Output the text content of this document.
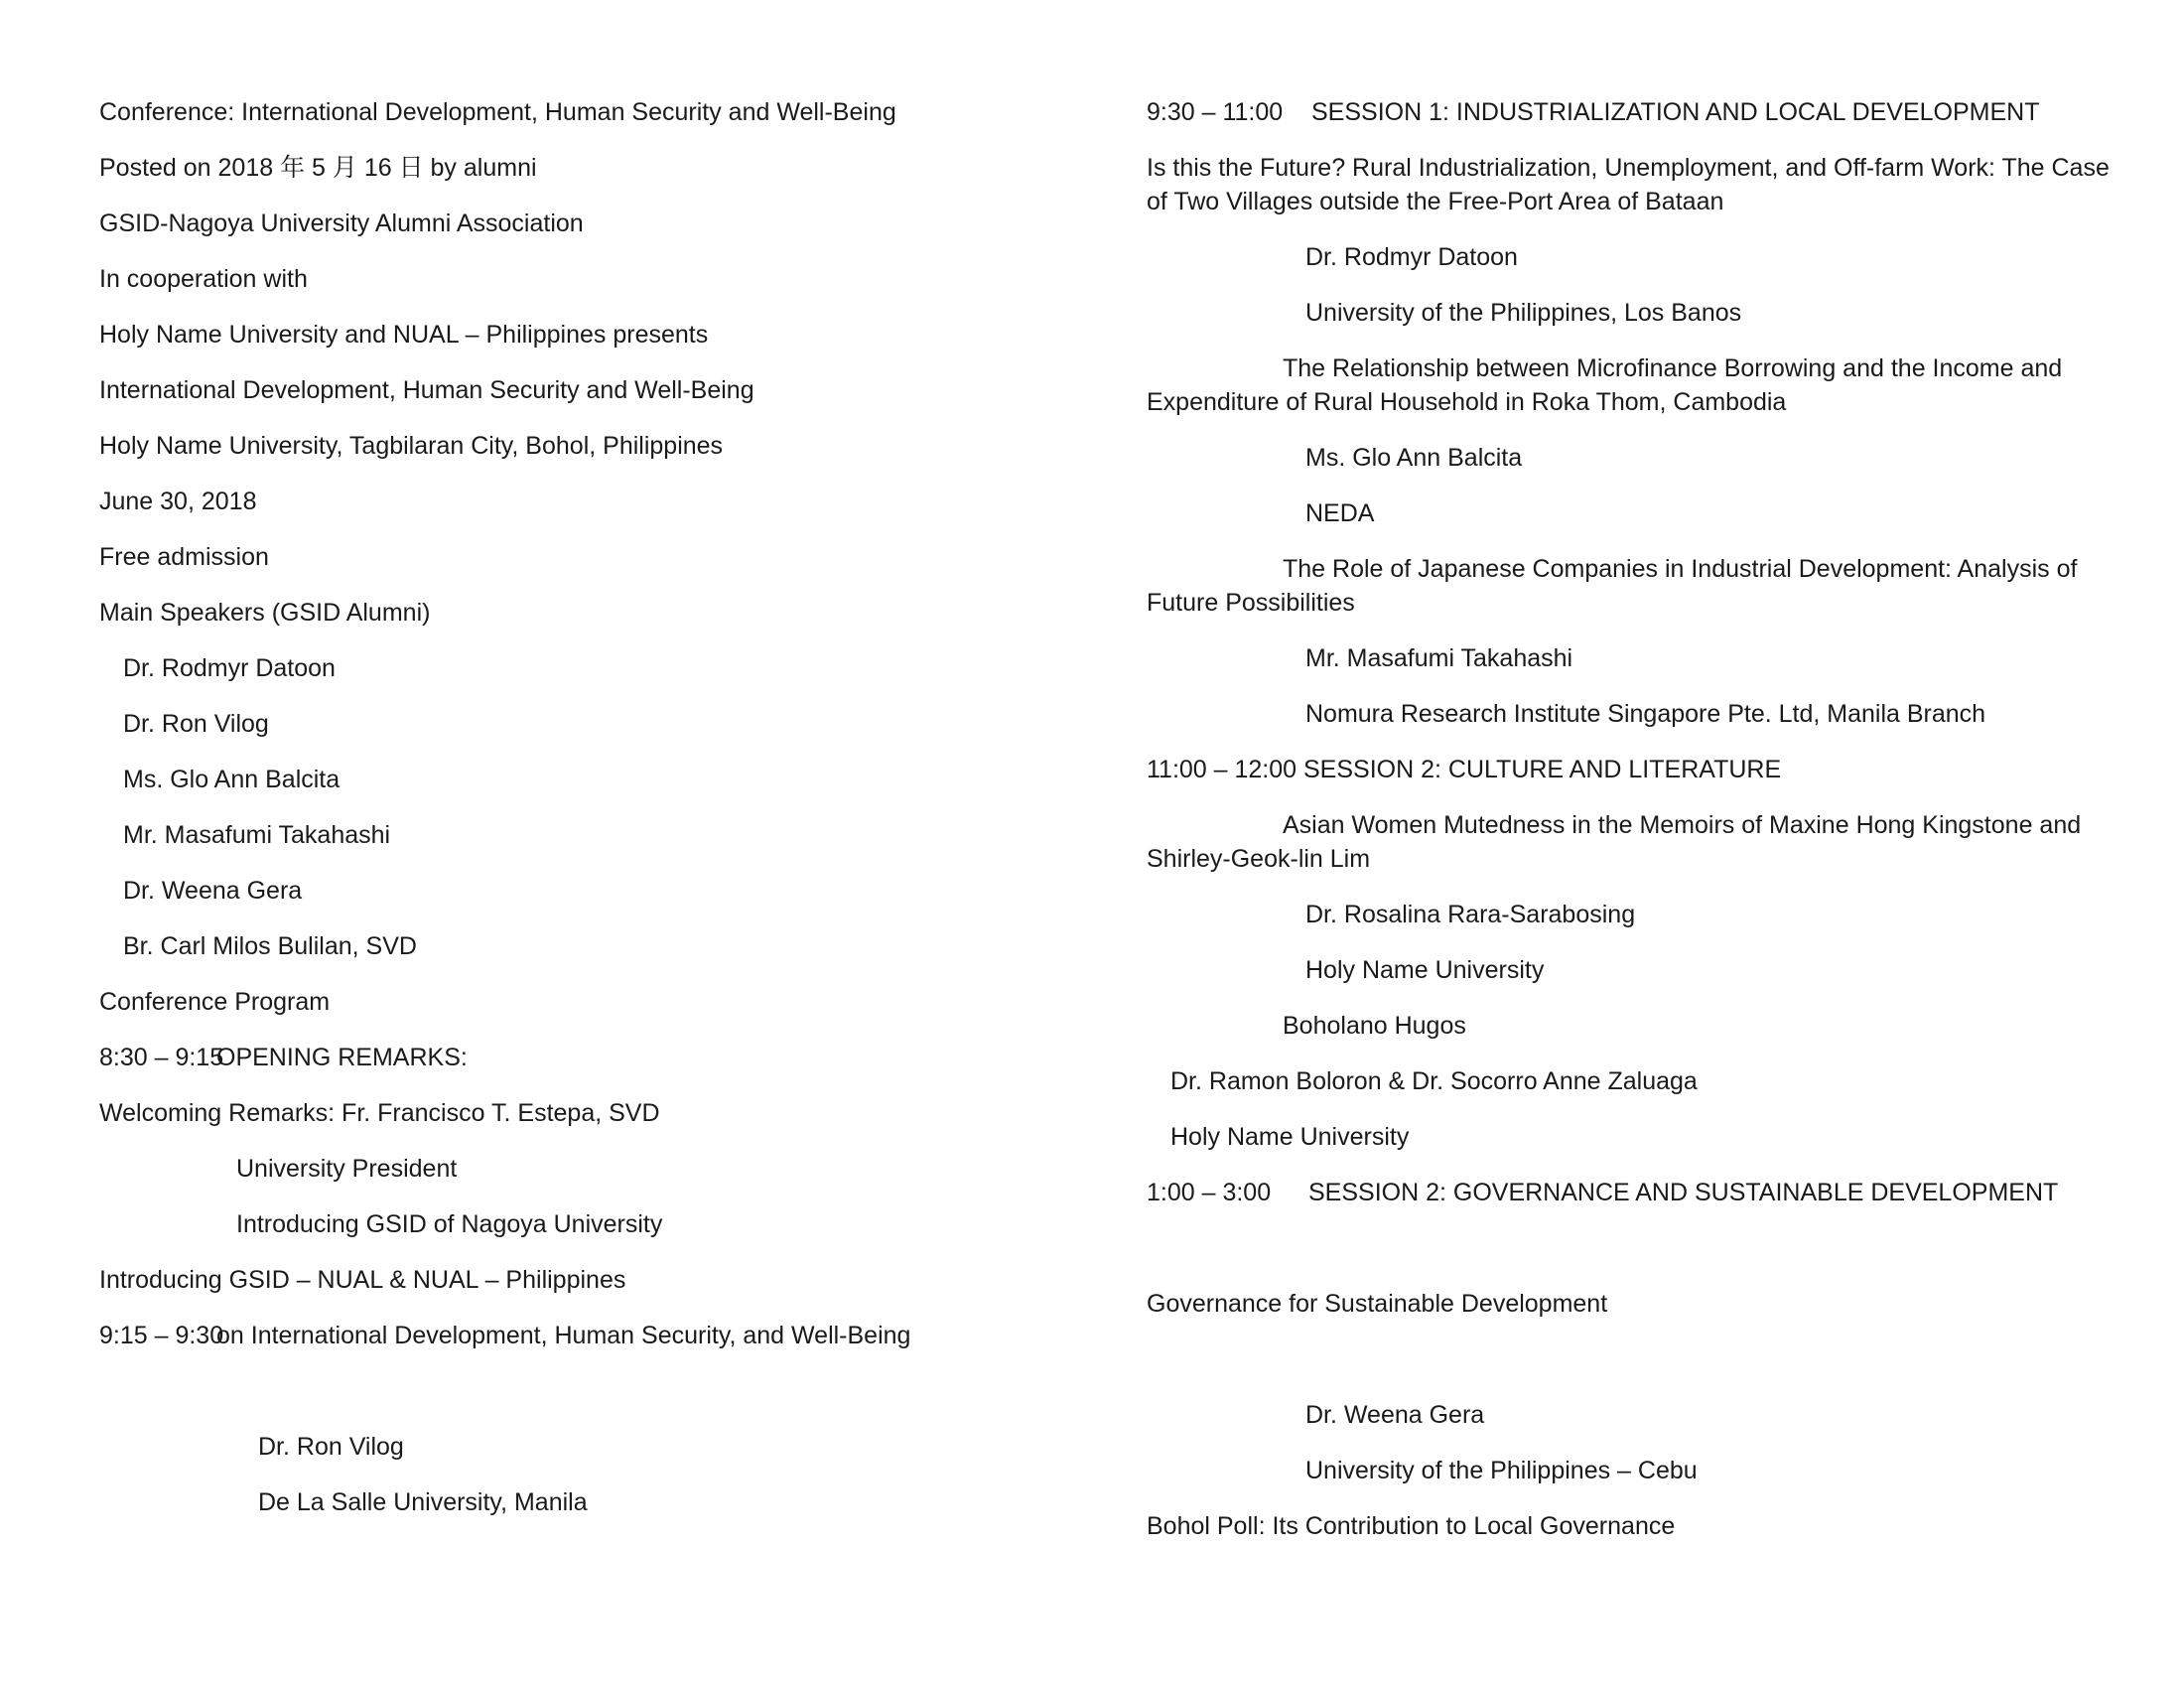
Conference: International Development, Human Security and Well-Being

Posted on 2018 年 5 月 16 日 by alumni

GSID-Nagoya University Alumni Association

In cooperation with

Holy Name University and NUAL – Philippines presents

International Development, Human Security and Well-Being

Holy Name University, Tagbilaran City, Bohol, Philippines

June 30, 2018

Free admission

Main Speakers (GSID Alumni)

Dr. Rodmyr Datoon

Dr. Ron Vilog

Ms. Glo Ann Balcita

Mr. Masafumi Takahashi

Dr. Weena Gera

Br. Carl Milos Bulilan, SVD

Conference Program

8:30 – 9:15OPENING REMARKS:

Welcoming Remarks: Fr. Francisco T. Estepa, SVD

University President

Introducing GSID of Nagoya University

Introducing GSID – NUAL & NUAL – Philippines

9:15 – 9:30on International Development, Human Security, and Well-Being

Dr. Ron Vilog

De La Salle University, Manila

9:30 – 11:00 SESSION 1: INDUSTRIALIZATION AND LOCAL DEVELOPMENT

Is this the Future? Rural Industrialization, Unemployment, and Off-farm Work: The Case of Two Villages outside the Free-Port Area of Bataan

Dr. Rodmyr Datoon

University of the Philippines, Los Banos

The Relationship between Microfinance Borrowing and the Income and Expenditure of Rural Household in Roka Thom, Cambodia

Ms. Glo Ann Balcita

NEDA

The Role of Japanese Companies in Industrial Development: Analysis of Future Possibilities

Mr. Masafumi Takahashi

Nomura Research Institute Singapore Pte. Ltd, Manila Branch

11:00 – 12:00 SESSION 2: CULTURE AND LITERATURE

Asian Women Mutedness in the Memoirs of Maxine Hong Kingstone and Shirley-Geok-lin Lim

Dr. Rosalina Rara-Sarabosing

Holy Name University

Boholano Hugos

Dr. Ramon Boloron & Dr. Socorro Anne Zaluaga

Holy Name University

1:00 – 3:00 SESSION 2: GOVERNANCE AND SUSTAINABLE DEVELOPMENT

Governance for Sustainable Development

Dr. Weena Gera

University of the Philippines – Cebu

Bohol Poll: Its Contribution to Local Governance
